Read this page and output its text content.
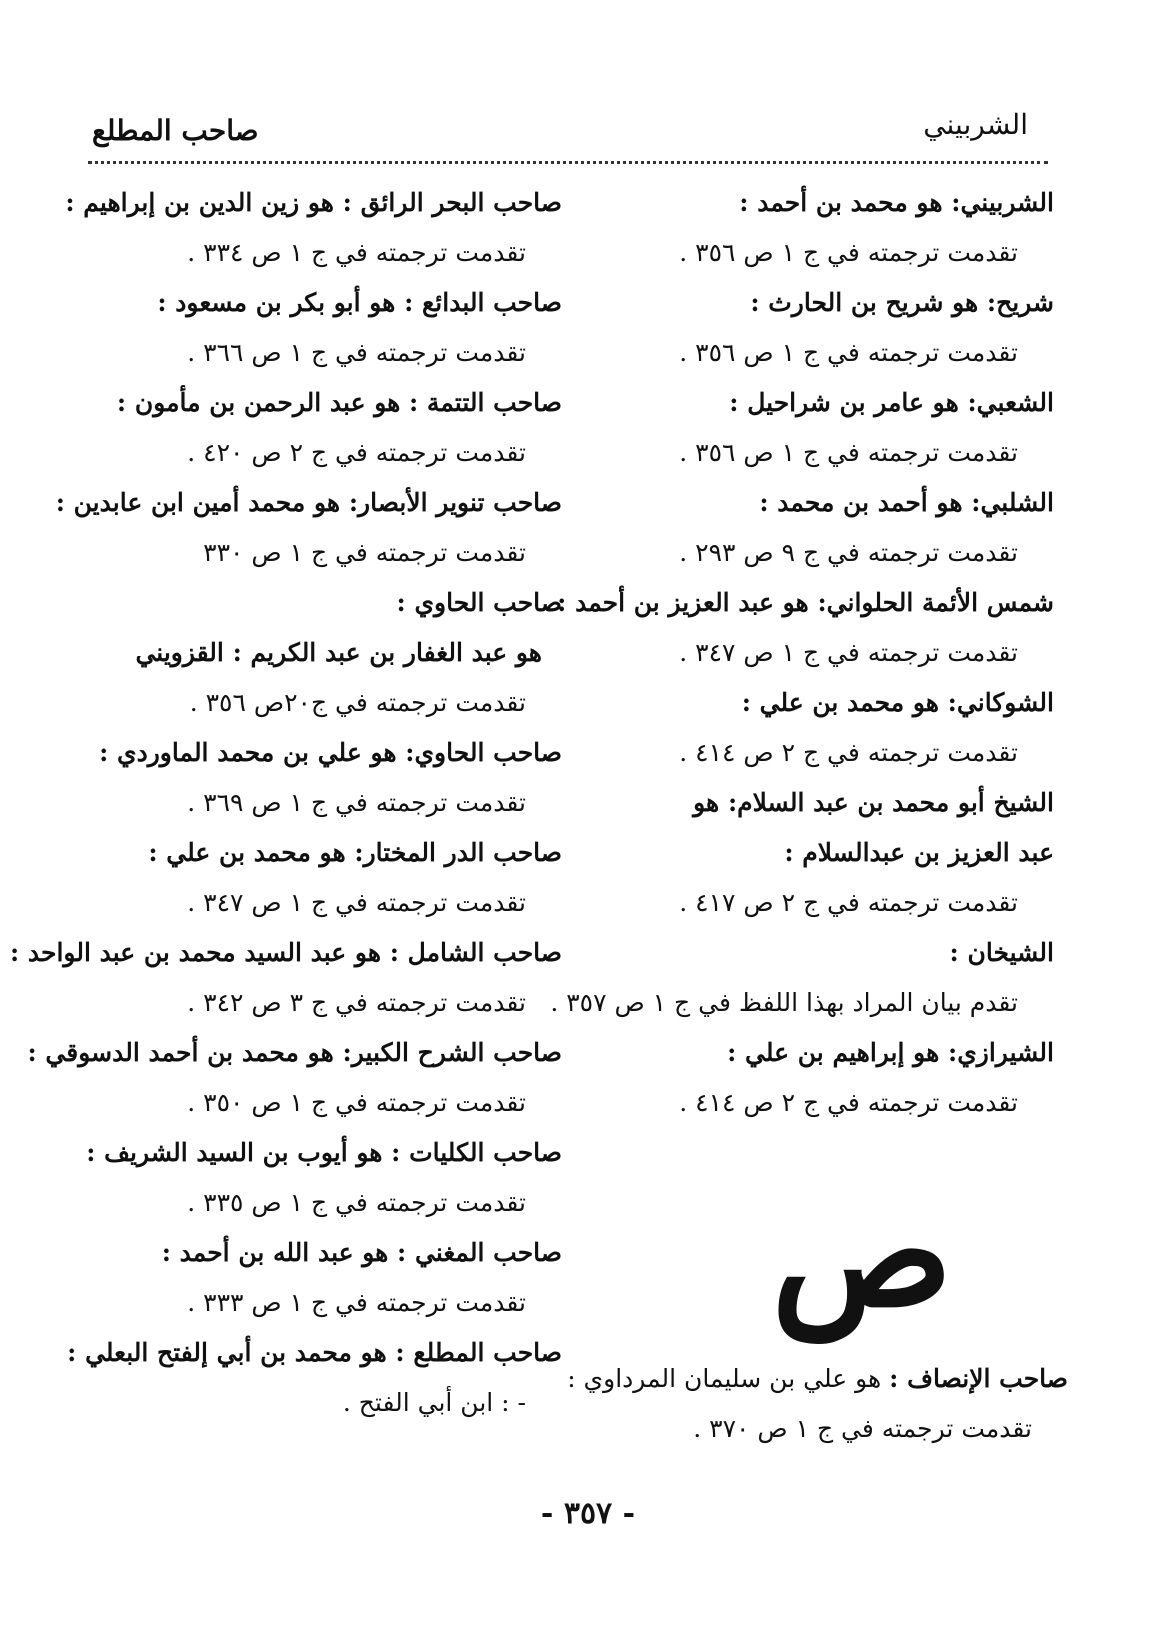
الشربيني
صاحب المطلع
الشربيني: هو محمد بن أحمد :
تقدمت ترجمته في ج ١ ص ٣٥٦ .
شريح: هو شريح بن الحارث :
تقدمت ترجمته في ج ١ ص ٣٥٦ .
الشعبي: هو عامر بن شراحيل :
تقدمت ترجمته في ج ١ ص ٣٥٦ .
الشلبي: هو أحمد بن محمد :
تقدمت ترجمته في ج ٩ ص ٢٩٣ .
شمس الأئمة الحلواني: هو عبد العزيز بن أحمد :
تقدمت ترجمته في ج ١ ص ٣٤٧ .
الشوكاني: هو محمد بن علي :
تقدمت ترجمته في ج ٢ ص ٤١٤ .
الشيخ أبو محمد بن عبد السلام: هو
عبد العزيز بن عبدالسلام :
تقدمت ترجمته في ج ٢ ص ٤١٧ .
الشيخان :
تقدم بيان المراد بهذا اللفظ في ج ١ ص ٣٥٧ .
الشيرازي: هو إبراهيم بن علي :
تقدمت ترجمته في ج ٢ ص ٤١٤ .
صاحب البحر الرائق : هو زين الدين بن إبراهيم :
تقدمت ترجمته في ج ١ ص ٣٣٤ .
صاحب البدائع : هو أبو بكر بن مسعود :
تقدمت ترجمته في ج ١ ص ٣٦٦ .
صاحب التتمة : هو عبد الرحمن بن مأمون :
تقدمت ترجمته في ج ٢ ص ٤٢٠ .
صاحب تنوير الأبصار: هو محمد أمين ابن عابدين :
تقدمت ترجمته في ج ١ ص ٣٣٠
صاحب الحاوي :
هو عبد الغفار بن عبد الكريم : القزويني
تقدمت ترجمته في ج٢٠ص ٣٥٦ .
صاحب الحاوي: هو علي بن محمد الماوردي :
تقدمت ترجمته في ج ١ ص ٣٦٩ .
صاحب الدر المختار: هو محمد بن علي :
تقدمت ترجمته في ج ١ ص ٣٤٧ .
صاحب الشامل : هو عبد السيد محمد بن عبد الواحد :
تقدمت ترجمته في ج ٣ ص ٣٤٢ .
صاحب الشرح الكبير: هو محمد بن أحمد الدسوقي :
تقدمت ترجمته في ج ١ ص ٣٥٠ .
صاحب الكليات : هو أيوب بن السيد الشريف :
تقدمت ترجمته في ج ١ ص ٣٣٥ .
صاحب المغني : هو عبد الله بن أحمد :
تقدمت ترجمته في ج ١ ص ٣٣٣ .
صاحب المطلع : هو محمد بن أبي إلفتح البعلي :
- : ابن أبي الفتح .
ص
صاحب الإنصاف : هو علي بن سليمان المرداوي :
تقدمت ترجمته في ج ١ ص ٣٧٠ .
- ٣٥٧ -
